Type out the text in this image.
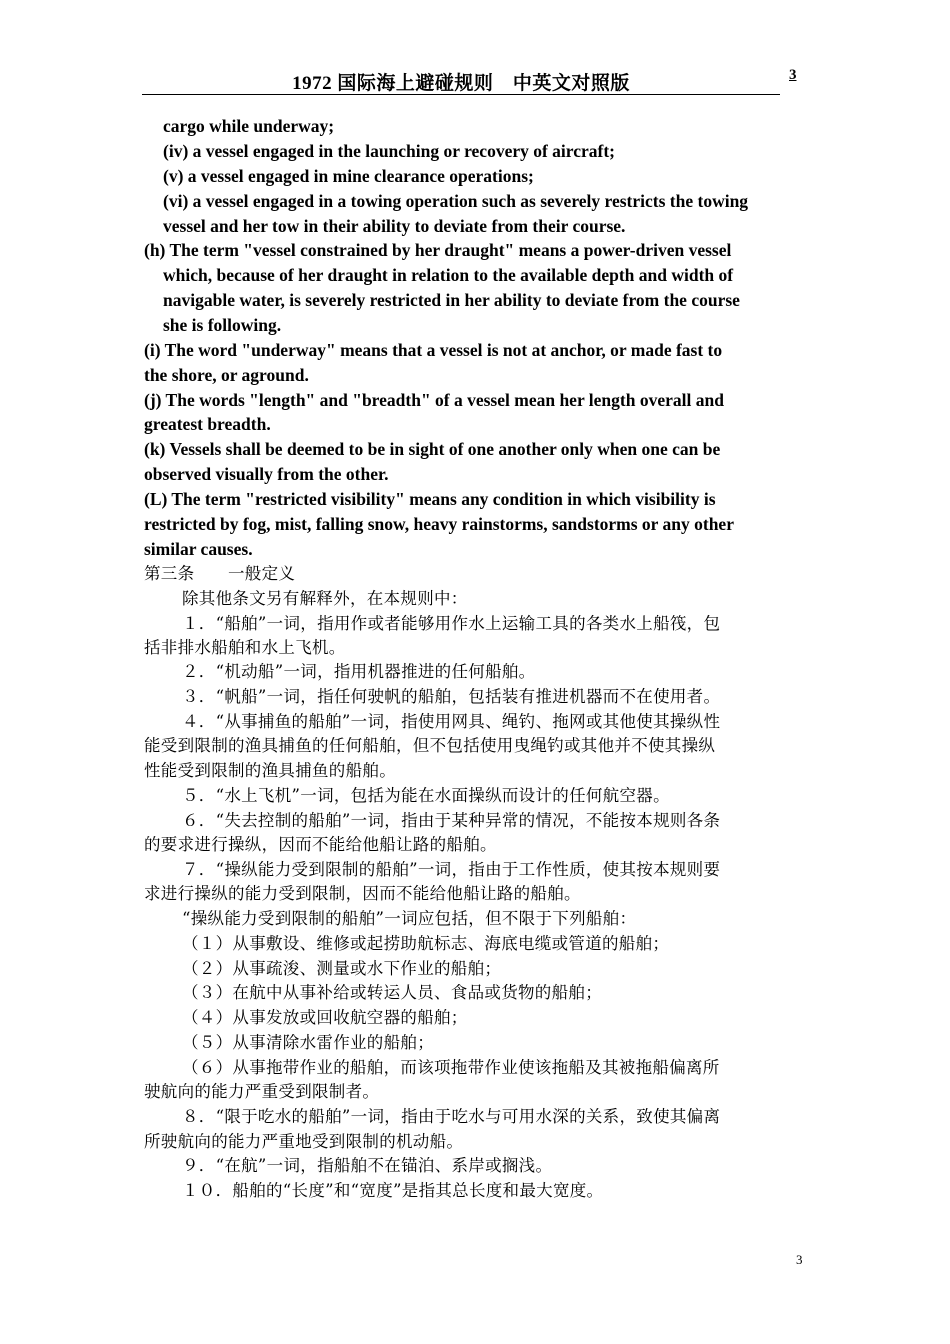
1972 国际海上避碰规则　中英文对照版	3
cargo while underway;
(iv) a vessel engaged in the launching or recovery of aircraft;
(v) a vessel engaged in mine clearance operations;
(vi) a vessel engaged in a towing operation such as severely restricts the towing
vessel and her tow in their ability to deviate from their course.
(h) The term "vessel constrained by her draught" means a power-driven vessel
which, because of her draught in relation to the available depth and width of
navigable water, is severely restricted in her ability to deviate from the course
she is following.
(i) The word "underway" means that a vessel is not at anchor, or made fast to
the shore, or aground.
(j) The words "length" and "breadth" of a vessel mean her length overall and
greatest breadth.
(k) Vessels shall be deemed to be in sight of one another only when one can be
observed visually from the other.
(L) The term "restricted visibility" means any condition in which visibility is
restricted by fog, mist, falling snow, heavy rainstorms, sandstorms or any other
similar causes.
第三条　　一般定义
除其他条文另有解释外，在本规则中：
１．“船舶”一词，指用作或者能够用作水上运输工具的各类水上船筏，包
括非排水船舶和水上飞机。
２．“机动船”一词，指用机器推进的任何船舶。
３．“帆船”一词，指任何驶帆的船舶，包括装有推进机器而不在使用者。
４．“从事捕鱼的船舶”一词，指使用网具、绳钓、拖网或其他使其操纵性
能受到限制的渔具捕鱼的任何船舶，但不包括使用曳绳钓或其他并不使其操纵
性能受到限制的渔具捕鱼的船舶。
５．“水上飞机”一词，包括为能在水面操纵而设计的任何航空器。
６．“失去控制的船舶”一词，指由于某种异常的情况，不能按本规则各条
的要求进行操纵，因而不能给他船让路的船舶。
７．“操纵能力受到限制的船舶”一词，指由于工作性质，使其按本规则要
求进行操纵的能力受到限制，因而不能给他船让路的船舶。
“操纵能力受到限制的船舶”一词应包括，但不限于下列船舶：
（１）从事敷设、维修或起捞助航标志、海底电缆或管道的船舶；
（２）从事疏浚、测量或水下作业的船舶；
（３）在航中从事补给或转运人员、食品或货物的船舶；
（４）从事发放或回收航空器的船舶；
（５）从事清除水雷作业的船舶；
（６）从事拖带作业的船舶，而该项拖带作业使该拖船及其被拖船偏离所
驶航向的能力严重受到限制者。
８．“限于吃水的船舶”一词，指由于吃水与可用水深的关系，致使其偏离
所驶航向的能力严重地受到限制的机动船。
９．“在航”一词，指船舶不在锚泊、系岸或搁浅。
１０．船舶的“长度”和“宽度”是指其总长度和最大宽度。
3
